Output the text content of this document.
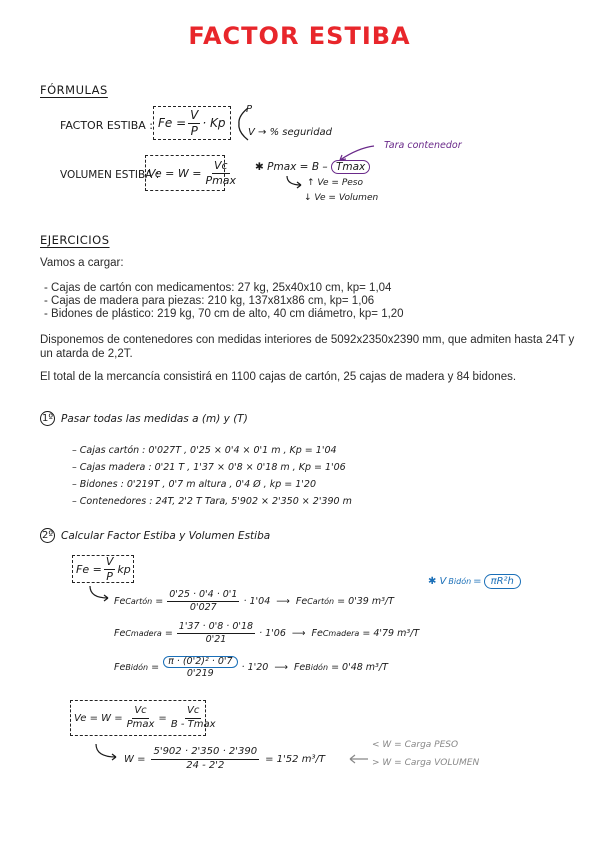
FACTOR ESTIBA
FÓRMULAS
FACTOR ESTIBA : $Fe = \frac{V}{P} \cdot Kp$
P
V → % seguridad
VOLUMEN ESTIBA :
$Ve = W = \frac{Vc}{Pmax}$ ✱ Pmax = B – Tmax
Tara contenedor
↑ Ve = Peso
↓ Ve = Volumen
EJERCICIOS
Vamos a cargar:
- Cajas de cartón con medicamentos: 27 kg, 25x40x10 cm, kp= 1,04
- Cajas de madera para piezas: 210 kg, 137x81x86 cm, kp= 1,06
- Bidones de plástico: 219 kg, 70 cm de alto, 40 cm diámetro, kp= 1,20
Disponemos de contenedores con medidas interiores de 5092x2350x2390 mm, que admiten hasta 24T y un atarda de 2,2T.
El total de la mercancía consistirá en 1100 cajas de cartón, 25 cajas de madera y 84 bidones.
1º Pasar todas las medidas a (m) y (T)
– Cajas cartón : 0'027T , 0'25 × 0'4 × 0'1 m , Kp = 1'04
– Cajas madera : 0'21 T , 1'37 × 0'8 × 0'18 m , Kp = 1'06
– Bidones : 0'219T , 0'7 m altura , 0'4 Ø , kp = 1'20
– Contenedores : 24T, 2'2 T Tara, 5'902 × 2'350 × 2'390 m
2º Calcular Factor Estiba y Volumen Estiba
$Fe = \frac{V}{P}$ kp
Fe Cartón = $\frac{0'25 \cdot 0'4 \cdot 0'1}{0'027} \cdot 1'04$ ⟶ Fe Cartón
= 0'39 m³/T
Fe Cmadera = $\frac{1'37 \cdot 0'8 \cdot 0'18}{0'21} \cdot 1'06$ ⟶ Fe Cmadera
= 4'79 m³/T
Fe Bidón = $\frac{\text{π · (0'2)² · 0'7}}{0'219} \cdot 1'20$ ⟶ Fe Bidón
= 0'48 m³/T
✱ V Bidón = πR²h
$Ve = W = \frac{Vc}{Pmax} = \frac{Vc}{B - Tmax}$
$W = \frac{5'902 \cdot 2'350 \cdot 2'390}{24 - 2'2} = 1'52$ m³/T
< W = Carga PESO
> W = Carga VOLUMEN
